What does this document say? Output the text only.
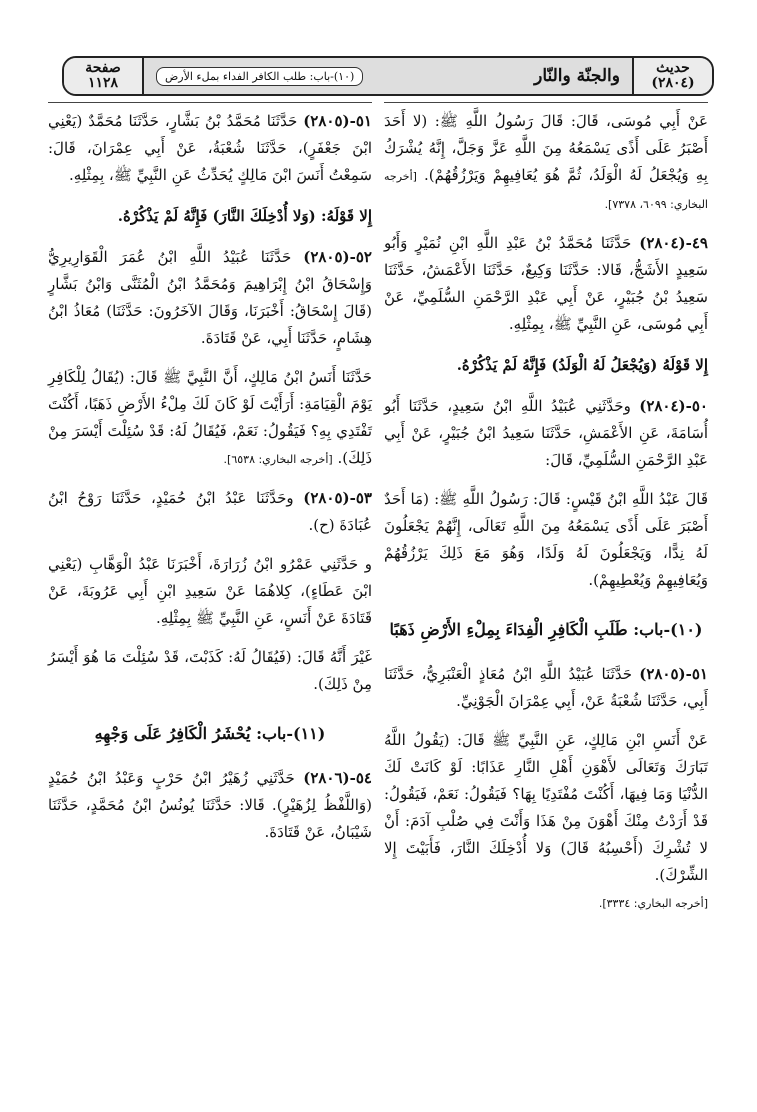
حديث
(٢٨٠٤)
والجنّة والنّار
(١٠)-باب: طلب الكافر الفداء بملء الأرض
صفحة
١١٢٨

عَنْ أَبِي مُوسَى، قَالَ: قَالَ رَسُولُ اللَّهِ ﷺ: (لا أَحَدَ أَصْبَرُ عَلَى أَذًى يَسْمَعُهُ مِنَ اللَّهِ عَزَّ وَجَلَّ، إِنَّهُ يُشْرَكُ بِهِ وَيُجْعَلُ لَهُ الْوَلَدُ، ثُمَّ هُوَ يُعَافِيهِمْ وَيَرْزُقُهُمْ). [أخرجه البخاري: ٦٠٩٩، ٧٣٧٨].

٤٩-(٢٨٠٤) حَدَّثَنَا مُحَمَّدُ بْنُ عَبْدِ اللَّهِ ابْنِ نُمَيْرٍ وَأَبُو سَعِيدٍ الأَشَجُّ، قَالا: حَدَّثَنَا وَكِيعٌ، حَدَّثَنَا الأَعْمَشُ، حَدَّثَنَا سَعِيدُ بْنُ جُبَيْرٍ، عَنْ أَبِي عَبْدِ الرَّحْمَنِ السُّلَمِيِّ، عَنْ أَبِي مُوسَى، عَنِ النَّبِيِّ ﷺ، بِمِثْلِهِ.

إِلا قَوْلَهُ (وَيُجْعَلُ لَهُ الْوَلَدُ) فَإِنَّهُ لَمْ يَذْكُرْهُ.

٥٠-(٢٨٠٤) وحَدَّثَنِي عُبَيْدُ اللَّهِ ابْنُ سَعِيدٍ، حَدَّثَنَا أَبُو أُسَامَةَ، عَنِ الأَعْمَشِ، حَدَّثَنَا سَعِيدُ ابْنُ جُبَيْرٍ، عَنْ أَبِي عَبْدِ الرَّحْمَنِ السُّلَمِيِّ، قَالَ:

قَالَ عَبْدُ اللَّهِ ابْنُ قَيْسٍ: قَالَ: رَسُولُ اللَّهِ ﷺ: (مَا أَحَدٌ أَصْبَرَ عَلَى أَذًى يَسْمَعُهُ مِنَ اللَّهِ تَعَالَى، إِنَّهُمْ يَجْعَلُونَ لَهُ نِدًّا، وَيَجْعَلُونَ لَهُ وَلَدًا، وَهُوَ مَعَ ذَلِكَ يَرْزُقُهُمْ وَيُعَافِيهِمْ وَيُعْطِيهِمْ).

(١٠)-باب: طَلَبِ الْكَافِرِ الْفِدَاءَ بِمِلْءِ الأَرْضِ ذَهَبًا

٥١-(٢٨٠٥) حَدَّثَنَا عُبَيْدُ اللَّهِ ابْنُ مُعَاذٍ الْعَنْبَرِيُّ، حَدَّثَنَا أَبِي، حَدَّثَنَا شُعْبَةُ عَنْ، أَبِي عِمْرَانَ الْجَوْنِيِّ.

عَنْ أَنَسِ ابْنِ مَالِكٍ، عَنِ النَّبِيِّ ﷺ قَالَ: (يَقُولُ اللَّهُ تَبَارَكَ وَتَعَالَى لأَهْوَنِ أَهْلِ النَّارِ عَذَابًا: لَوْ كَانَتْ لَكَ الدُّنْيَا وَمَا فِيهَا، أَكُنْتَ مُفْتَدِيًا بِهَا؟ فَيَقُولُ: نَعَمْ، فَيَقُولُ: قَدْ أَرَدْتُ مِنْكَ أَهْوَنَ مِنْ هَذَا وَأَنْتَ فِي صُلْبِ آدَمَ: أَنْ لا تُشْرِكَ (أَحْسِبُهُ قَالَ) وَلا أُدْخِلَكَ النَّارَ، فَأَبَيْتَ إِلا الشِّرْكَ).
[أخرجه البخاري: ٣٣٣٤].

٥١-(٢٨٠٥) حَدَّثَنَا مُحَمَّدُ بْنُ بَشَّارٍ، حَدَّثَنَا مُحَمَّدٌ (يَعْنِي ابْنَ جَعْفَرٍ)، حَدَّثَنَا شُعْبَةُ، عَنْ أَبِي عِمْرَانَ، قَالَ: سَمِعْتُ أَنَسَ ابْنَ مَالِكٍ يُحَدِّثُ عَنِ النَّبِيِّ ﷺ، بِمِثْلِهِ.

إِلا قَوْلَهُ: (وَلا أُدْخِلَكَ النَّارَ) فَإِنَّهُ لَمْ يَذْكُرْهُ.

٥٢-(٢٨٠٥) حَدَّثَنَا عُبَيْدُ اللَّهِ ابْنُ عُمَرَ الْقَوَارِيرِيُّ وَإِسْحَاقُ ابْنُ إِبْرَاهِيمَ وَمُحَمَّدُ ابْنُ الْمُثَنَّى وَابْنُ بَشَّارٍ (قَالَ إِسْحَاقُ: أَخْبَرَنَا، وَقَالَ الآخَرُونَ: حَدَّثَنَا) مُعَاذُ ابْنُ هِشَامٍ، حَدَّثَنَا أَبِي، عَنْ قَتَادَةَ.

حَدَّثَنَا أَنَسُ ابْنُ مَالِكٍ، أَنَّ النَّبِيَّ ﷺ قَالَ: (يُقَالُ لِلْكَافِرِ يَوْمَ الْقِيَامَةِ: أَرَأَيْتَ لَوْ كَانَ لَكَ مِلْءُ الأَرْضِ ذَهَبًا، أَكُنْتَ تَفْتَدِي بِهِ؟ فَيَقُولُ: نَعَمْ، فَيُقَالُ لَهُ: قَدْ سُئِلْتَ أَيْسَرَ مِنْ ذَلِكَ). [أخرجه البخاري: ٦٥٣٨].

٥٣-(٢٨٠٥) وحَدَّثَنَا عَبْدُ ابْنُ حُمَيْدٍ، حَدَّثَنَا رَوْحُ ابْنُ عُبَادَةَ (ح).

و حَدَّثَنِي عَمْرُو ابْنُ زُرَارَةَ، أَخْبَرَنَا عَبْدُ الْوَهَّابِ (يَعْنِي ابْنَ عَطَاءٍ)، كِلاهُمَا عَنْ سَعِيدِ ابْنِ أَبِي عَرُوبَةَ، عَنْ قَتَادَةَ عَنْ أَنَسٍ، عَنِ النَّبِيِّ ﷺ بِمِثْلِهِ.

غَيْرَ أَنَّهُ قَالَ: (فَيُقَالُ لَهُ: كَذَبْتَ، قَدْ سُئِلْتَ مَا هُوَ أَيْسَرُ مِنْ ذَلِكَ).

(١١)-باب: يُحْشَرُ الْكَافِرُ عَلَى وَجْهِهِ

٥٤-(٢٨٠٦) حَدَّثَنِي زُهَيْرُ ابْنُ حَرْبٍ وَعَبْدُ ابْنُ حُمَيْدٍ (وَاللَّفْظُ لِزُهَيْرٍ). قَالا: حَدَّثَنَا يُونُسُ ابْنُ مُحَمَّدٍ، حَدَّثَنَا شَيْبَانُ، عَنْ قَتَادَةَ.
